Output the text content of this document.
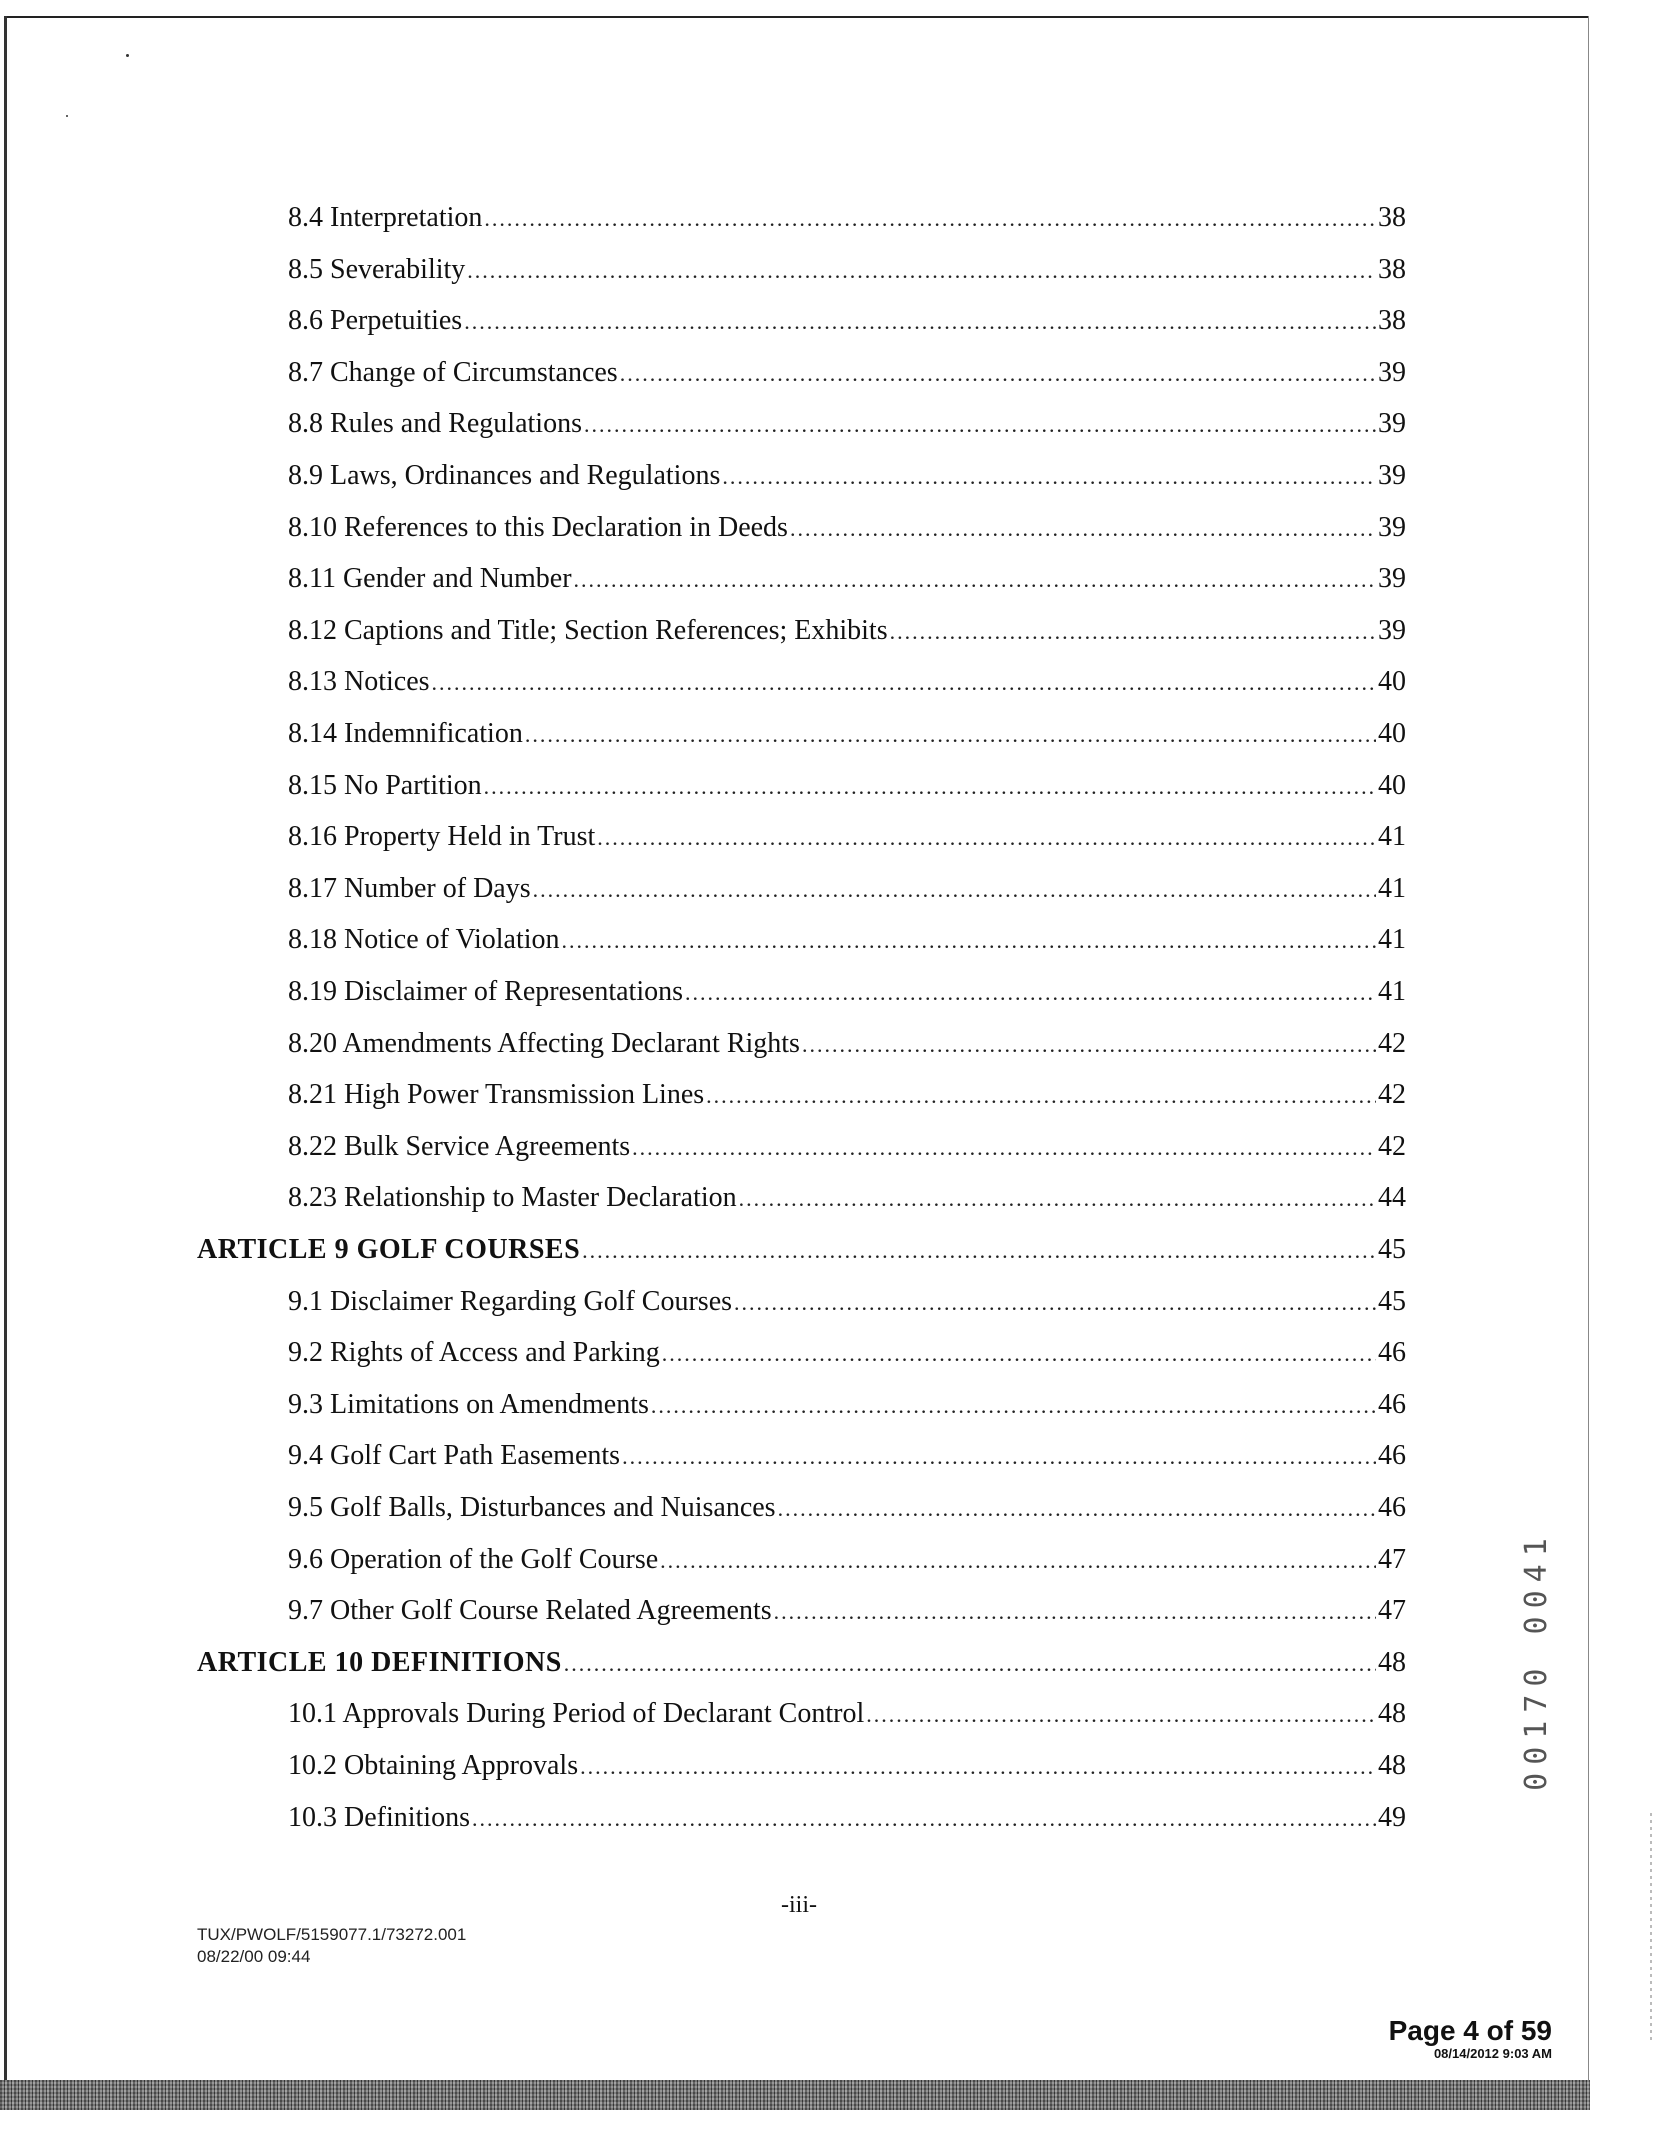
8.4 Interpretation .....	38
8.5 Severability .....	38
8.6 Perpetuities .....	38
8.7 Change of Circumstances .....	39
8.8 Rules and Regulations .....	39
8.9 Laws, Ordinances and Regulations .....	39
8.10 References to this Declaration in Deeds .....	39
8.11 Gender and Number .....	39
8.12 Captions and Title; Section References; Exhibits .....	39
8.13 Notices .....	40
8.14 Indemnification .....	40
8.15 No Partition .....	40
8.16 Property Held in Trust .....	41
8.17 Number of Days .....	41
8.18 Notice of Violation .....	41
8.19 Disclaimer of Representations .....	41
8.20 Amendments Affecting Declarant Rights .....	42
8.21 High Power Transmission Lines .....	42
8.22 Bulk Service Agreements .....	42
8.23 Relationship to Master Declaration .....	44
ARTICLE 9 GOLF COURSES .....	45
9.1 Disclaimer Regarding Golf Courses .....	45
9.2 Rights of Access and Parking .....	46
9.3 Limitations on Amendments .....	46
9.4 Golf Cart Path Easements .....	46
9.5 Golf Balls, Disturbances and Nuisances .....	46
9.6 Operation of the Golf Course .....	47
9.7 Other Golf Course Related Agreements .....	47
ARTICLE 10 DEFINITIONS .....	48
10.1 Approvals During Period of Declarant Control .....	48
10.2 Obtaining Approvals .....	48
10.3 Definitions .....	49
-iii-
TUX/PWOLF/5159077.1/73272.001
08/22/00 09:44
00170 0041
Page 4 of 59
08/14/2012 9:03 AM
